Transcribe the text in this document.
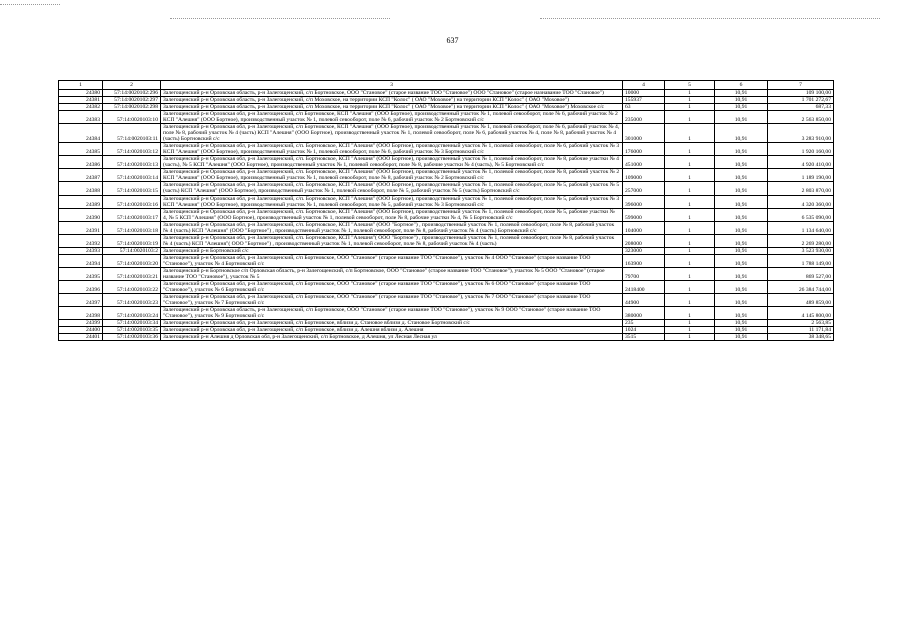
637
1	2	3	4	5	6	7
24380	57:14:0020102:296	Залегощенский р-н Орловская область, р-н Залегощенский, с/п Бортновское, ООО "Становое" (старое название ТОО "Становое") ООО "Становое" (старое назнавание ТОО "Становое")	10000	1	10,91	109 100,00
24381	57:14:0020102:297	Залегощенский р-н Орловская область, р-н Залегощенский, с/п Моховское, на территории КСП "Колос" ( ОАО "Моховое") на территории КСП "Колос" ( ОАО "Моховое")	155937	1	10,91	1 701 272,67
24382	57:14:0020102:298	Залегощенский р-н Орловская область, р-н Залегощенский, с/п Моховское, на территории КСП "Колос" ( ОАО "Моховое") на территории КСП "Колос" ( ОАО "Моховое") Моховское с/с	63	1	10,91	687,33
24383	57:14:0020103:10	Залегощенский р-н Орловская обл, р-н Залегощенский, с/п Бортновское, КСП "Алешня" (ООО Бортное), производственный участок № 1, полевой севооборот, поле № 6, рабочий участок № 2 КСП "Алешня" (ООО Бортное), производственный участок № 1, полевой севооборот, поле № 6, рабочий участок № 2 Бортновский с/с	235000	1	10,91	2 563 850,00
24384	57:14:0020103:11	Залегощенский р-н Орловская обл, р-н Залегощенский, с/п Бортновское, КСП "Алешня" (ООО Бортное), производственный участок № 1, полевой севооборот, поле № 6, рабочий участок № 4, поле № 8, рабочий участок № 4 (часть) КСП "Алешня" (ООО Бортное), производственный участок № 1, полевой севооборот, поле № 6, рабочий участок № 4, поле № 8, рабочий участок № 4 (часть) Бортновский с/с	301000	1	10,91	3 283 910,00
24385	57:14:0020103:12	Залегощенский р-н Орловская обл, р-н Залегощенский, с/п. Бортновское, КСП "Алешня" (ООО Бортное), производственный участок № 1, полевой севооборот, поле № 6, рабочий участок № 3 КСП "Алешня" (ООО Бортное), производственный участок № 1, полевой севооборот, поле № 6, рабочий участок № 3 Бортновский с/с	176000	1	10,91	1 920 160,00
24386	57:14:0020103:13	Залегощенский р-н Орловская обл, р-н Залегощенский, с/п. Бортновское, КСП "Алешня" (ООО Бортное), производственный участок № 1, полевой севооборот, поле № 8, рабочие участки № 4 (часть), № 5 КСП "Алешня" (ООО Бортное), производственный участок № 1, полевой севооборот, поле № 8, рабочие участки № 4 (часть), № 5 Бортновский с/с	451000	1	10,91	4 920 410,00
24387	57:14:0020103:14	Залегощенский р-н Орловская обл, р-н Залегощенский, с/п. Бортновское, КСП "Алешня" (ООО Бортное), производственный участок № 1, полевой севооборот, поле № 8, рабочий участок № 2 КСП "Алешня" (ООО Бортное), производственный участок № 1, полевой севооборот, поле № 8, рабочий участок № 2 Бортновский с/с	109000	1	10,91	1 189 190,00
24388	57:14:0020103:15	Залегощенский р-н Орловская обл, р-н Залегощенский, с/п. Бортновское, КСП "Алешня" (ООО Бортное), производственный участок № 1, полевой севооборот, поле № 5, рабочий участок № 5 (часть) КСП "Алешня" (ООО Бортное), производственный участок № 1, полевой севооборот, поле № 5, рабочий участок № 5 (часть) Бортновский с/с	257000	1	10,91	2 803 870,00
24389	57:14:0020103:16	Залегощенский р-н Орловская обл, р-н Залегощенский, с/п. Бортновское, КСП "Алешня" (ООО Бортное), производственный участок № 1, полевой севооборот, поле № 5, рабочий участок № 3 КСП "Алешня" (ООО Бортное), производственный участок № 1, полевой севооборот, поле № 5, рабочий участок № 3 Бортновский с/с	396000	1	10,91	4 320 360,00
24390	57:14:0020103:17	Залегощенский р-н Орловская обл, р-н Залегощенский, с/п. Бортновское, КСП "Алешня" (ООО Бортное), производственный участок № 1, полевой севооборот, поле № 5, рабочие участки № 4, № 5 КСП "Алешня" (ООО Бортное), производственный участок № 1, полевой севооборот, поле № 8, рабочие участки № 4, № 5 Бортновский с/с	599000	1	10,91	6 535 090,00
24391	57:14:0020103:18	Залегощенский р-н Орловская обл, р-н Залегощенский, с/п. Бортновское, КСП "Алешня" (ООО "Бортное") , производственный участок № 1, полевой севооборот, поле № 8, рабочий участок № 4 (часть) КСП "Алешня" (ООО "Бортное") , производственный участок № 1, полевой севооборот, поле № 8, рабочий участок № 4 (часть) Бортновский с/с	104000	1	10,91	1 134 640,00
24392	57:14:0020103:19	Залегощенский р-н Орловская обл, р-н Залегощенский, с/п. Бортновское, КСП "Алешня"( ООО "Бортное") , производственный участок № 1, полевой севооборот, поле № 8, рабочий участок № 4 (часть) КСП "Алешня"( ООО "Бортное") , производственный участок № 1, полевой севооборот, поле № 8, рабочий участок № 4 (часть)	208000	1	10,91	2 269 280,00
24393	57:14:0020103:2	Залегощенский р-н Бортновский с/с	323000	1	10,91	3 523 930,00
24394	57:14:0020103:20	Залегощенский р-н Орловская обл, р-н Залегощенский, с/п Бортновское, ООО "Становое" (старое название ТОО "Становое"), участок № 4 ООО "Становое" (старое название ТОО "Становое"), участок № 4 Бортновский с/с	163900	1	10,91	1 788 149,00
24395	57:14:0020103:21	Залегощенский р-н Бортновское с/п Орловская область, р-н Залегощенский, с/п Бортновское, ООО "Становое" (старое название ТОО "Становое"), участок № 5 ООО "Становое" (старое название ТОО "Становое"), участок № 5	79700	1	10,91	869 527,00
24396	57:14:0020103:22	Залегощенский р-н Орловская обл, р-н Залегощенский, с/п Бортновское, ООО "Становое" (старое название ТОО "Становое"), участок № 6 ООО "Становое" (старое название ТОО "Становое"), участок № 6 Бортновский с/с	2418400	1	10,91	26 384 744,00
24397	57:14:0020103:23	Залегощенский р-н Орловская обл, р-н Залегощенский, с/п Бортновское, ООО "Становое" (старое название ТОО "Становое"), участок № 7 ООО "Становое" (старое название ТОО "Становое"), участок № 7 Бортновский с/с	44900	1	10,91	489 859,00
24398	57:14:0020103:24	Залегощенский р-н Орловская область, р-н Залегощенский, с/п Бортновское, ООО "Становое" (старое название ТОО "Становое"), участок № 9 ООО "Становое" (старое название ТОО "Становое"), участок № 9 Бортновский с/с	380000	1	10,91	4 145 800,00
24399	57:14:0020103:34	Залегощенский р-н Орловская обл, р-н Залегощенский, с/п Бортновское, вблизи д. Становое вблизи д. Становое Бортновский с/с	235	1	10,91	2 563,85
24400	57:14:0020103:35	Залегощенский р-н Орловская обл, р-н Залегощенский, с/п Бортновское, вблизи д. Алешня вблизи д. Алешня	1024	1	10,91	11 171,84
24401	57:14:0020103:36	Залегощенский р-н Алешня д Орловская обл, р-н Залегощенский, с/п Бортновское, д Алешня, ул Лесная Лесная ул	3515	1	10,91	38 348,65
